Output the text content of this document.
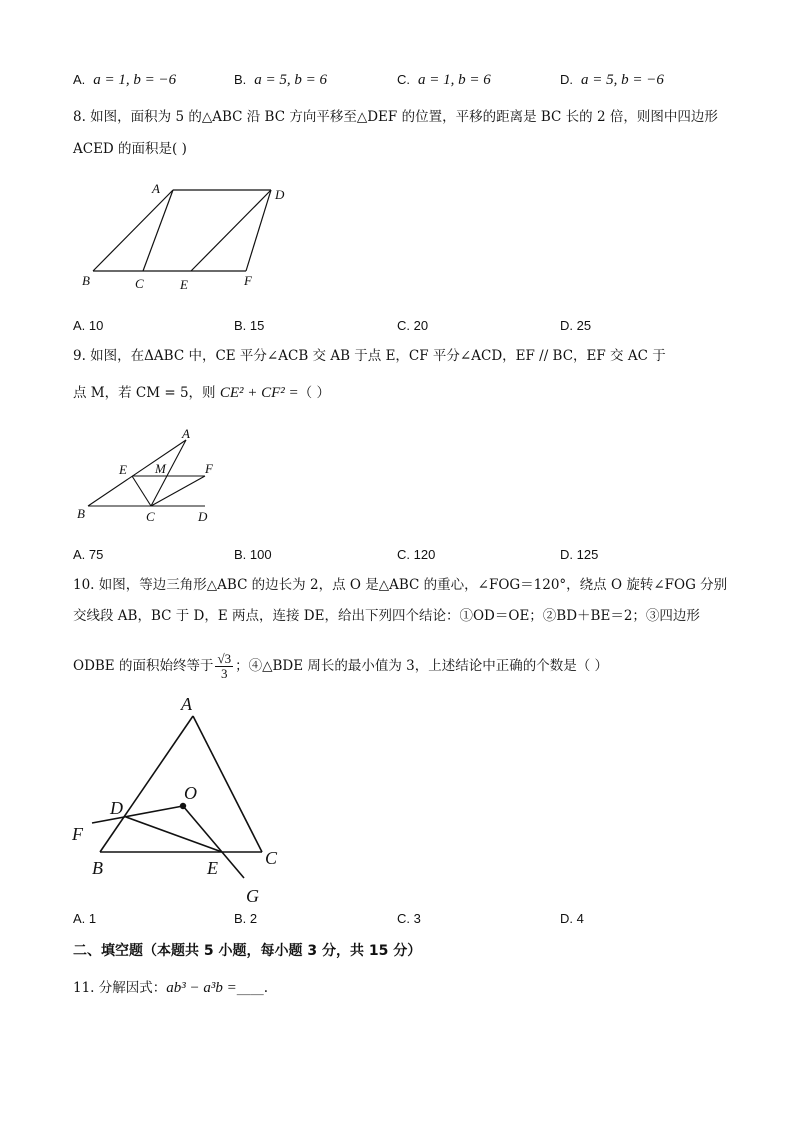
A. a = 1, b = −6	B. a = 5, b = 6	C. a = 1, b = 6	D. a = 5, b = −6
8. 如图，面积为 5 的△ABC 沿 BC 方向平移至△DEF 的位置，平移的距离是 BC 长的 2 倍，则图中四边形
ACED 的面积是( )
A	D
B	C	E	F
A. 10	B. 15	C. 20	D. 25
9. 如图，在ΔABC 中，CE 平分∠ACB 交 AB 于点 E，CF 平分∠ACD，EF // BC，EF 交 AC 于
点 M，若 CM = 5，则 CE² + CF² =（ ）
A
E M	F
B	C	D
A. 75	B. 100	C. 120	D. 125
10. 如图，等边三角形△ABC 的边长为 2，点 O 是△ABC 的重心，∠FOG＝120°，绕点 O 旋转∠FOG 分别
交线段 AB，BC 于 D，E 两点，连接 DE，给出下列四个结论：①OD＝OE；②BD＋BE＝2；③四边形
ODBE 的面积始终等于 $\frac{√3}{3}$ ；④△BDE 周长的最小值为 3，上述结论中正确的个数是（ ）
A
O
D
F
B	E	C
G
A. 1	B. 2	C. 3	D. 4
二、填空题（本题共 5 小题，每小题 3 分，共 15 分）
11. 分解因式：ab³ − a³b =____.
